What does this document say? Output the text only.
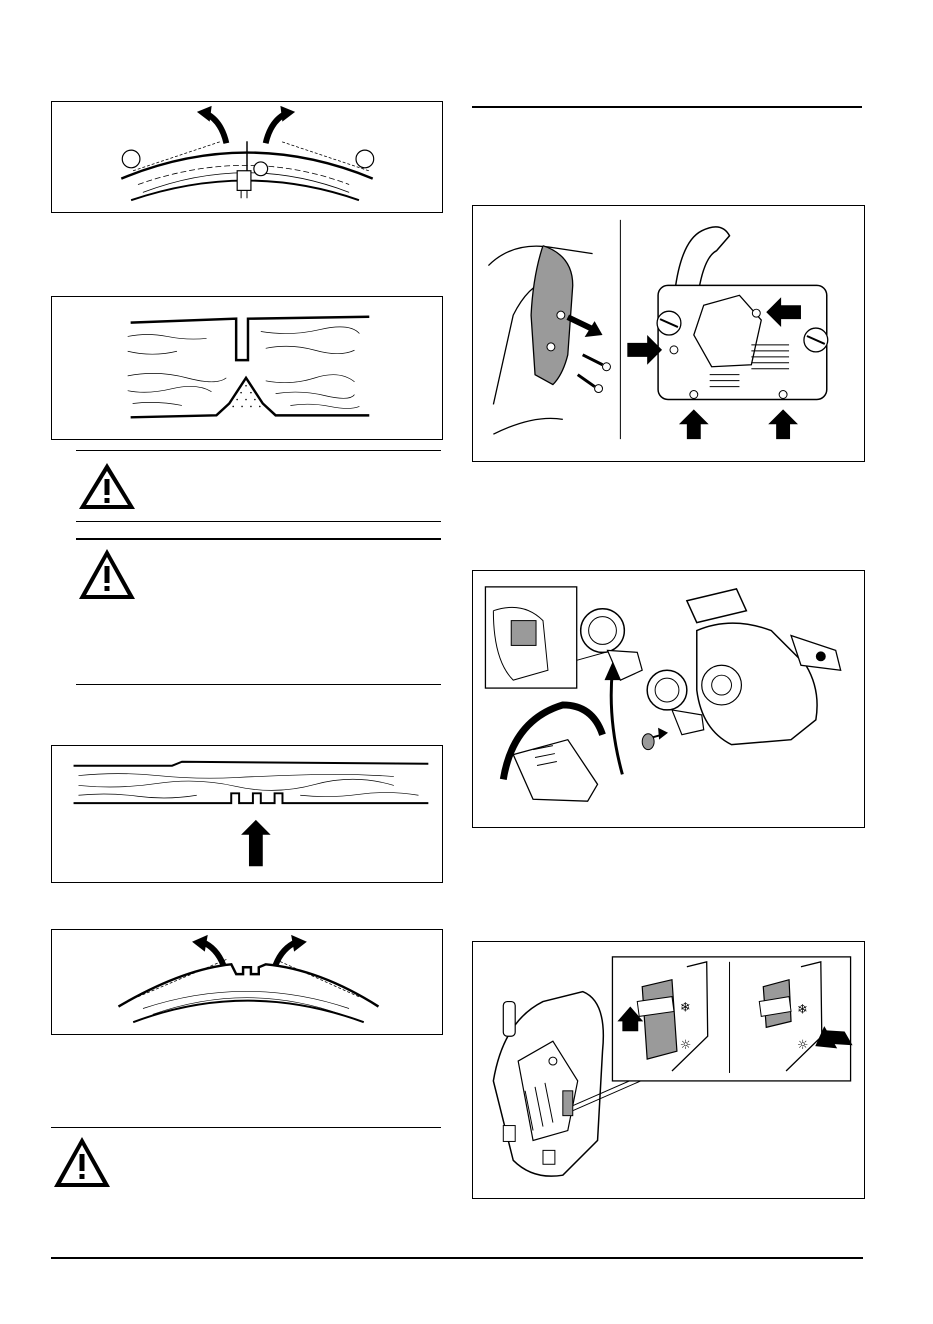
❄
☼
❄
☼
